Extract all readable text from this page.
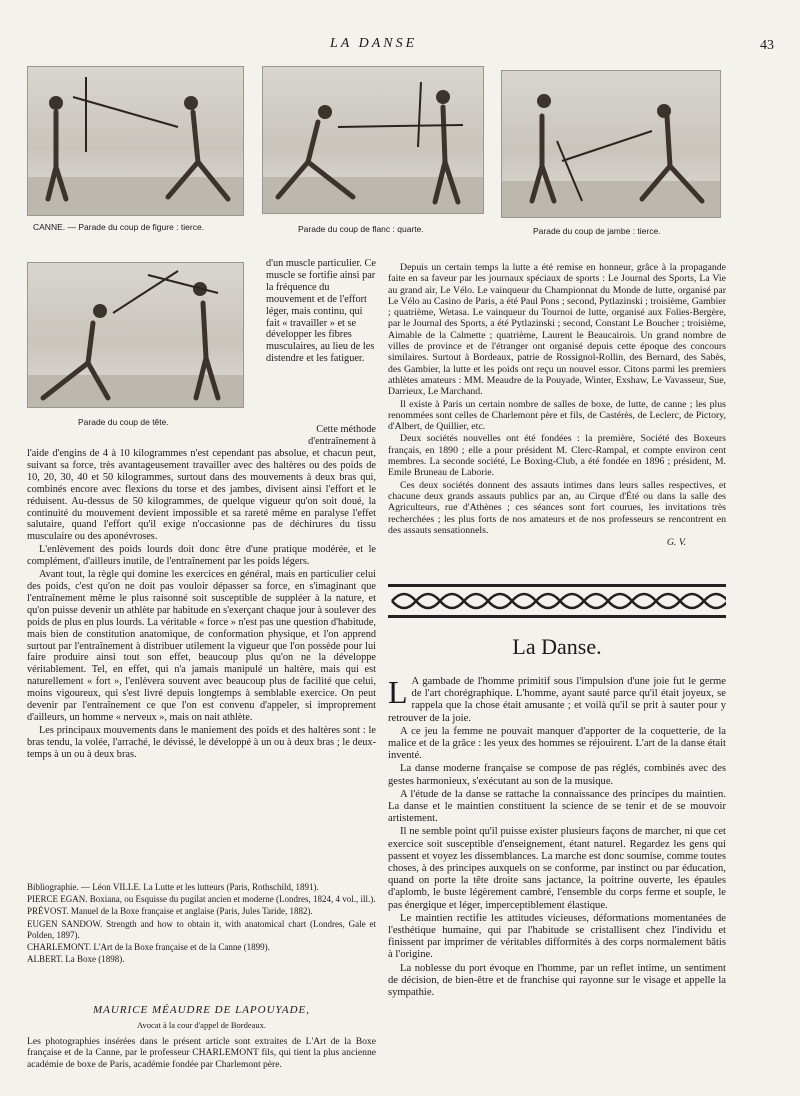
LA DANSE	43
CANNE. — Parade du coup de figure : tierce.	Parade du coup de flanc : quarte.	Parade du coup de jambe : tierce.
Parade du coup de tête.
d'un muscle particulier. Ce muscle se fortifie ainsi par la fréquence du mouvement et de l'effort léger, mais continu, qui fait « travailler » et se développer les fibres musculaires, au lieu de les distendre et les fatiguer.
Cette méthode d'entraînement à

l'aide d'engins de 4 à 10 kilogrammes n'est cependant pas absolue, et chacun peut, suivant sa force, très avantageusement travailler avec des haltères ou des poids de 10, 20, 30, 40 et 50 kilogrammes, surtout dans des mouvements à deux bras qui, combinés encore avec flexions du torse et des jambes, divisent ainsi l'effort et le réduisent. Au-dessus de 50 kilogrammes, de quelque vigueur qu'on soit doué, la continuité du mouvement devient impossible et sa rareté même en paralyse l'effet salutaire, quand l'effort qu'il exige n'occasionne pas de déchirures du tissu musculaire ou des aponévroses.

L'enlèvement des poids lourds doit donc être d'une pratique modérée, et le complément, d'ailleurs inutile, de l'entraînement par les poids légers.

Avant tout, la règle qui domine les exercices en général, mais en particulier celui des poids, c'est qu'on ne doit pas vouloir dépasser sa force, en s'imaginant que l'entraînement même le plus raisonné soit susceptible de suppléer à la nature, et qu'on puisse devenir un athlète par habitude en s'exerçant chaque jour à soulever des poids de plus en plus lourds. La véritable « force » n'est pas une question d'habitude, mais bien de constitution anatomique, de conformation physique, et l'on apprend surtout par l'entraînement à distribuer utilement la vigueur que l'on possède pour lui faire produire ainsi tout son effet, beaucoup plus qu'on ne la développe véritablement. Tel, en effet, qui n'a jamais manipulé un haltère, mais qui est naturellement « fort », l'enlèvera souvent avec beaucoup plus de facilité que celui, moins vigoureux, qui s'est livré depuis longtemps à semblable exercice. On peut devenir par l'entraînement ce que l'on est convenu d'appeler, si improprement d'ailleurs, un homme « nerveux », mais on nait athlète.

Les principaux mouvements dans le maniement des poids et des haltères sont : le bras tendu, la volée, l'arraché, le dévissé, le développé à un ou à deux bras ; le deux-temps à un ou à deux bras.

Bibliographie. — Léon VILLE. La Lutte et les lutteurs (Paris, Rothschild, 1891).

PIERCE EGAN. Boxiana, ou Esquisse du pugilat ancien et moderne (Londres, 1824, 4 vol., ill.).

PRÉVOST. Manuel de la Boxe française et anglaise (Paris, Jules Taride, 1882).

EUGEN SANDOW. Strength and how to obtain it, with anatomical chart (Londres, Gale et Polden, 1897).

CHARLEMONT. L'Art de la Boxe française et de la Canne (1899).

ALBERT. La Boxe (1898).

MAURICE MÉAUDRE DE LAPOUYADE,
Avocat à la cour d'appel de Bordeaux.
Les photographies insérées dans le présent article sont extraites de L'Art de la Boxe française et de la Canne, par le professeur CHARLEMONT fils, qui tient la plus ancienne académie de boxe de Paris, académie fondée par Charlemont père.

Depuis un certain temps la lutte a été remise en honneur, grâce à la propagande faite en sa faveur par les journaux spéciaux de sports : Le Journal des Sports, La Vie au grand air, Le Vélo. Le vainqueur du Championnat du Monde de lutte, organisé par Le Vélo au Casino de Paris, a été Paul Pons ; second, Pytlazinski ; troisième, Gambier ; quatrième, Wetasa. Le vainqueur du Tournoi de lutte, organisé aux Folies-Bergère, par le Journal des Sports, a été Pytlazinski ; second, Constant Le Boucher ; troisième, Aimable de la Calmette ; quatrième, Laurent le Beaucairois. Un grand nombre de villes de province et de l'étranger ont organisé depuis cette époque des concours similaires. Surtout à Bordeaux, patrie de Rossignol-Rollin, des Bernard, des Sabès, des Gambier, la lutte et les poids ont reçu un nouvel essor. Citons parmi les premiers athlètes amateurs : MM. Meaudre de la Pouyade, Winter, Exshaw, Le Vavasseur, Sue, Darrieux, Le Marchand.

Il existe à Paris un certain nombre de salles de boxe, de lutte, de canne ; les plus renommées sont celles de Charlemont père et fils, de Castérès, de Leclerc, de Pictory, d'Albert, de Quillier, etc.

Deux sociétés nouvelles ont été fondées : la première, Société des Boxeurs français, en 1890 ; elle a pour président M. Clerc-Rampal, et compte environ cent membres. La seconde société, Le Boxing-Club, a été fondée en 1896 ; président, M. Emile Bruneau de Laborie.

Ces deux sociétés donnent des assauts intimes dans leurs salles respectives, et chacune deux grands assauts publics par an, au Cirque d'Été ou dans la salle des Agriculteurs, rue d'Athènes ; ces séances sont fort courues, les invitations très recherchées ; les plus forts de nos amateurs et de nos professeurs se rencontrent en des assauts sensationnels.

G. V.
La Danse.

L A gambade de l'homme primitif sous l'impulsion d'une joie fut le germe de l'art chorégraphique. L'homme, ayant sauté parce qu'il était joyeux, se rappela que la chose était amusante ; et voilà qu'il se prit à sauter pour y retrouver de la joie.

A ce jeu la femme ne pouvait manquer d'apporter de la coquetterie, de la malice et de la grâce : les yeux des hommes se réjouirent. L'art de la danse était inventé.

La danse moderne française se compose de pas réglés, combinés avec des gestes harmonieux, s'exécutant au son de la musique.

A l'étude de la danse se rattache la connaissance des principes du maintien. La danse et le maintien constituent la science de se tenir et de se mouvoir artistement.

Il ne semble point qu'il puisse exister plusieurs façons de marcher, ni que cet exercice soit susceptible d'enseignement, étant naturel. Regardez les gens qui passent et voyez les dissemblances. La marche est donc soumise, comme toutes choses, à des principes auxquels on se conforme, par instinct ou par éducation, quand on porte la tête droite sans jactance, la poitrine ouverte, les épaules d'aplomb, le buste légèrement cambré, l'ensemble du corps ferme et souple, le pas énergique et léger, imperceptiblement élastique.

Le maintien rectifie les attitudes vicieuses, déformations momentanées de l'esthétique humaine, qui par l'habitude se cristallisent chez l'individu et finissent par imprimer de véritables difformités à des corps normalement bâtis à l'origine.

La noblesse du port évoque en l'homme, par un reflet intime, un sentiment de décision, de bien-être et de franchise qui rayonne sur le visage et appelle la sympathie.
